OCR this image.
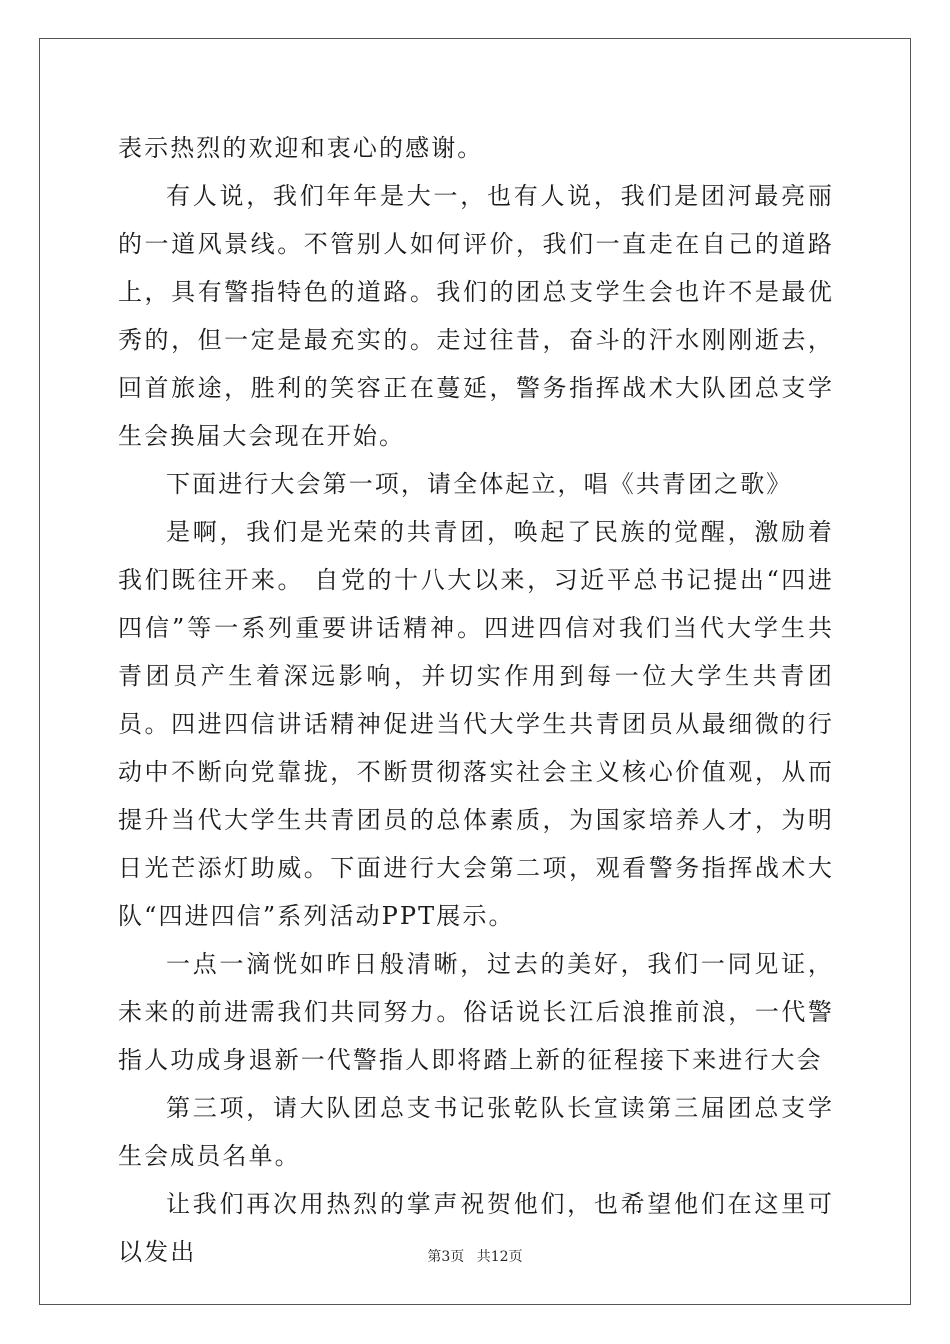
表示热烈的欢迎和衷心的感谢。

有人说，我们年年是大一，也有人说，我们是团河最亮丽的一道风景线。不管别人如何评价，我们一直走在自己的道路上，具有警指特色的道路。我们的团总支学生会也许不是最优秀的，但一定是最充实的。走过往昔，奋斗的汗水刚刚逝去，回首旅途，胜利的笑容正在蔓延，警务指挥战术大队团总支学生会换届大会现在开始。

下面进行大会第一项，请全体起立，唱《共青团之歌》

是啊，我们是光荣的共青团，唤起了民族的觉醒，激励着我们既往开来。 自党的十八大以来，习近平总书记提出“四进四信”等一系列重要讲话精神。四进四信对我们当代大学生共青团员产生着深远影响，并切实作用到每一位大学生共青团员。四进四信讲话精神促进当代大学生共青团员从最细微的行动中不断向党靠拢，不断贯彻落实社会主义核心价值观，从而提升当代大学生共青团员的总体素质，为国家培养人才，为明日光芒添灯助威。下面进行大会第二项，观看警务指挥战术大队“四进四信”系列活动PPT展示。

一点一滴恍如昨日般清晰，过去的美好，我们一同见证，未来的前进需我们共同努力。俗话说长江后浪推前浪，一代警指人功成身退新一代警指人即将踏上新的征程接下来进行大会

第三项，请大队团总支书记张乾队长宣读第三届团总支学生会成员名单。

让我们再次用热烈的掌声祝贺他们，也希望他们在这里可以发出	第3页 共12页
